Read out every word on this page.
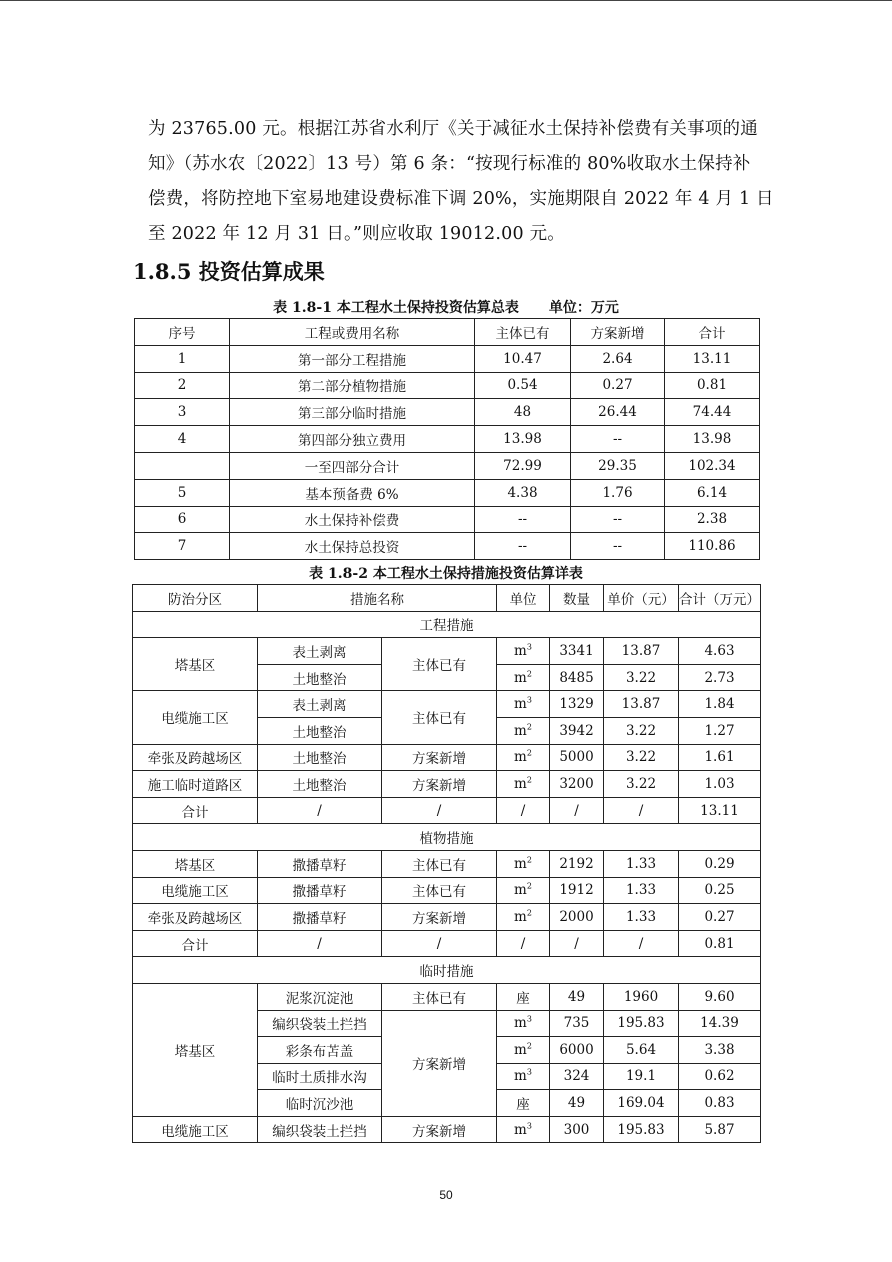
为 23765.00 元。根据江苏省水利厅《关于减征水土保持补偿费有关事项的通
知》（苏水农〔2022〕13 号）第 6 条：“按现行标准的 80%收取水土保持补
偿费，将防控地下室易地建设费标准下调 20%，实施期限自 2022 年 4 月 1 日
至 2022 年 12 月 31 日。”则应收取 19012.00 元。
1.8.5 投资估算成果
表 1.8-1 本工程水土保持投资估算总表 单位：万元
序号	工程或费用名称	主体已有	方案新增	合计
1	第一部分工程措施	10.47	2.64	13.11
2	第二部分植物措施	0.54	0.27	0.81
3	第三部分临时措施	48	26.44	74.44
4	第四部分独立费用	13.98	--	13.98
	一至四部分合计	72.99	29.35	102.34
5	基本预备费 6%	4.38	1.76	6.14
6	水土保持补偿费	--	--	2.38
7	水土保持总投资	--	--	110.86
表 1.8-2 本工程水土保持措施投资估算详表
防治分区	措施名称		单位	数量	单价（元）	合计（万元）
工程措施						
塔基区	表土剥离	主体已有	$m^3$	3341	13.87	4.63
	土地整治		$m^2$	8485	3.22	2.73
电缆施工区	表土剥离	主体已有	$m^3$	1329	13.87	1.84
	土地整治		$m^2$	3942	3.22	1.27
牵张及跨越场区	土地整治	方案新增	$m^2$	5000	3.22	1.61
施工临时道路区	土地整治	方案新增	$m^2$	3200	3.22	1.03
合计	/	/	/	/	/	13.11
植物措施						
塔基区	撒播草籽	主体已有	$m^2$	2192	1.33	0.29
电缆施工区	撒播草籽	主体已有	$m^2$	1912	1.33	0.25
牵张及跨越场区	撒播草籽	方案新增	$m^2$	2000	1.33	0.27
合计	/	/	/	/	/	0.81
临时措施						
塔基区	泥浆沉淀池	主体已有	座	49	1960	9.60
	编织袋装土拦挡	方案新增	$m^3$	735	195.83	14.39
	彩条布苫盖		$m^2$	6000	5.64	3.38
	临时土质排水沟		$m^3$	324	19.1	0.62
	临时沉沙池		座	49	169.04	0.83
电缆施工区	编织袋装土拦挡	方案新增	$m^3$	300	195.83	5.87
50
